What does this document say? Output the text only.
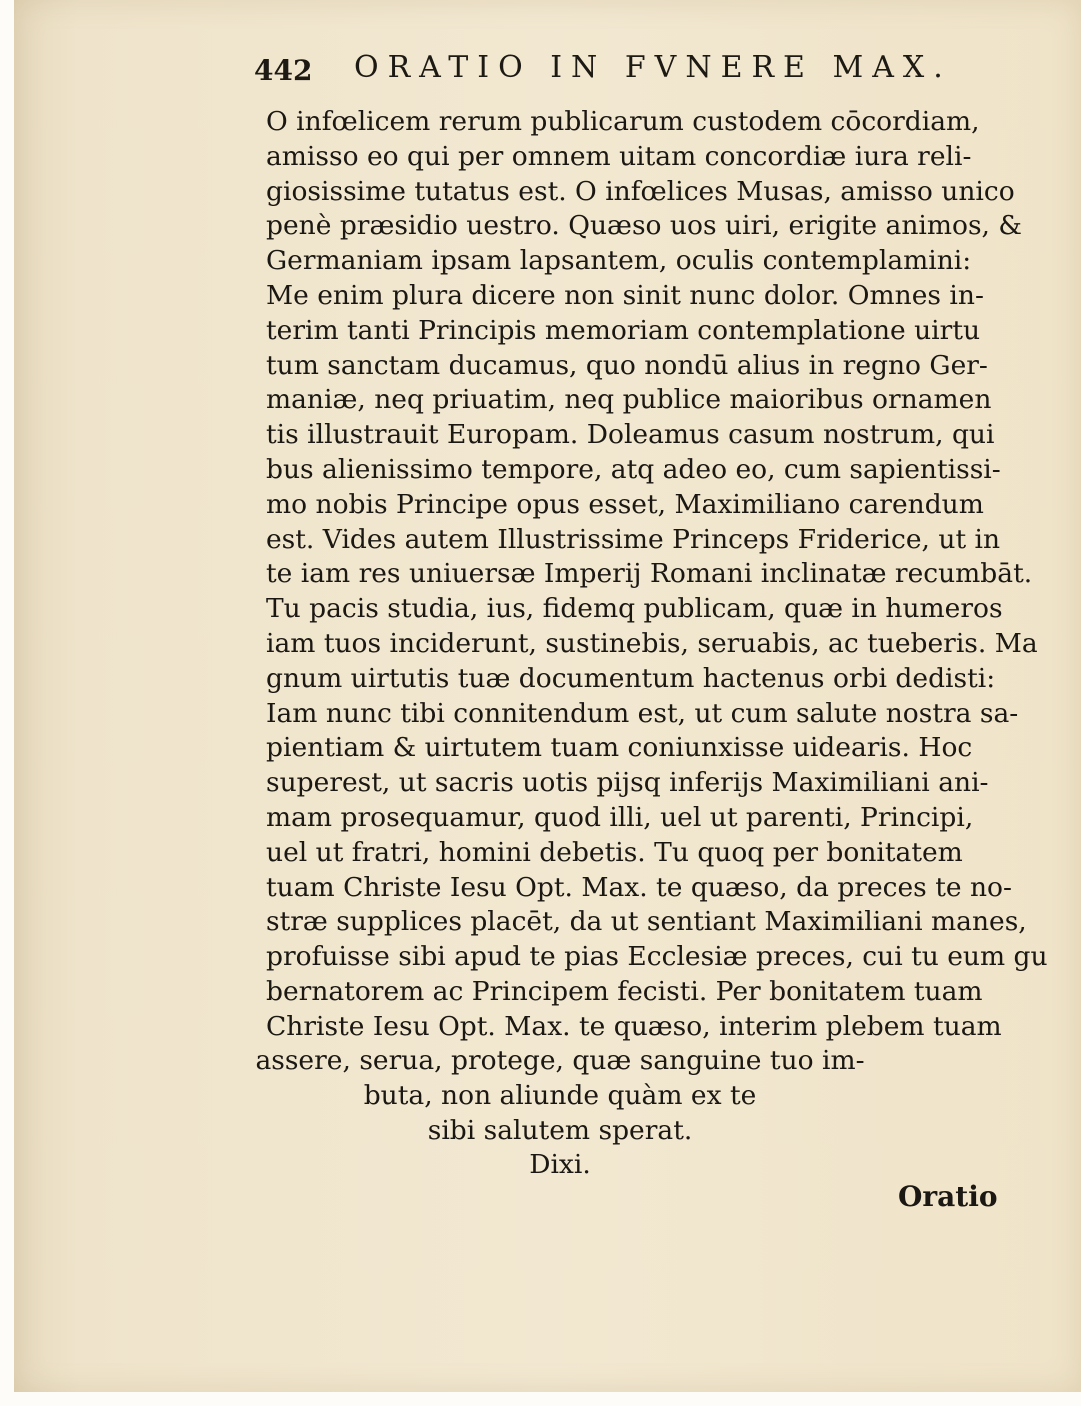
442 ORATIO IN FVNERE MAX.
O infœlicem rerum publicarum custodem cōcordiam,
amisso eo qui per omnem uitam concordiæ iura reli-
giosissime tutatus est. O infœlices Musas, amisso unico
penè præsidio uestro. Quæso uos uiri, erigite animos, &
Germaniam ipsam lapsantem, oculis contemplamini:
Me enim plura dicere non sinit nunc dolor. Omnes in-
terim tanti Principis memoriam contemplatione uirtu
tum sanctam ducamus, quo nondū alius in regno Ger-
maniæ, neq priuatim, neq publice maioribus ornamen
tis illustrauit Europam. Doleamus casum nostrum, qui
bus alienissimo tempore, atq adeo eo, cum sapientissi-
mo nobis Principe opus esset, Maximiliano carendum
est. Vides autem Illustrissime Princeps Friderice, ut in
te iam res uniuersæ Imperij Romani inclinatæ recumbāt.
Tu pacis studia, ius, fidemq publicam, quæ in humeros
iam tuos inciderunt, sustinebis, seruabis, ac tueberis. Ma
gnum uirtutis tuæ documentum hactenus orbi dedisti:
Iam nunc tibi connitendum est, ut cum salute nostra sa-
pientiam & uirtutem tuam coniunxisse uidearis. Hoc
superest, ut sacris uotis pijsq inferijs Maximiliani ani-
mam prosequamur, quod illi, uel ut parenti, Principi,
uel ut fratri, homini debetis. Tu quoq per bonitatem
tuam Christe Iesu Opt. Max. te quæso, da preces te no-
stræ supplices placēt, da ut sentiant Maximiliani manes,
profuisse sibi apud te pias Ecclesiæ preces, cui tu eum gu
bernatorem ac Principem fecisti. Per bonitatem tuam
Christe Iesu Opt. Max. te quæso, interim plebem tuam
assere, serua, protege, quæ sanguine tuo im-
buta, non aliunde quàm ex te
sibi salutem sperat.
Dixi.
Oratio
